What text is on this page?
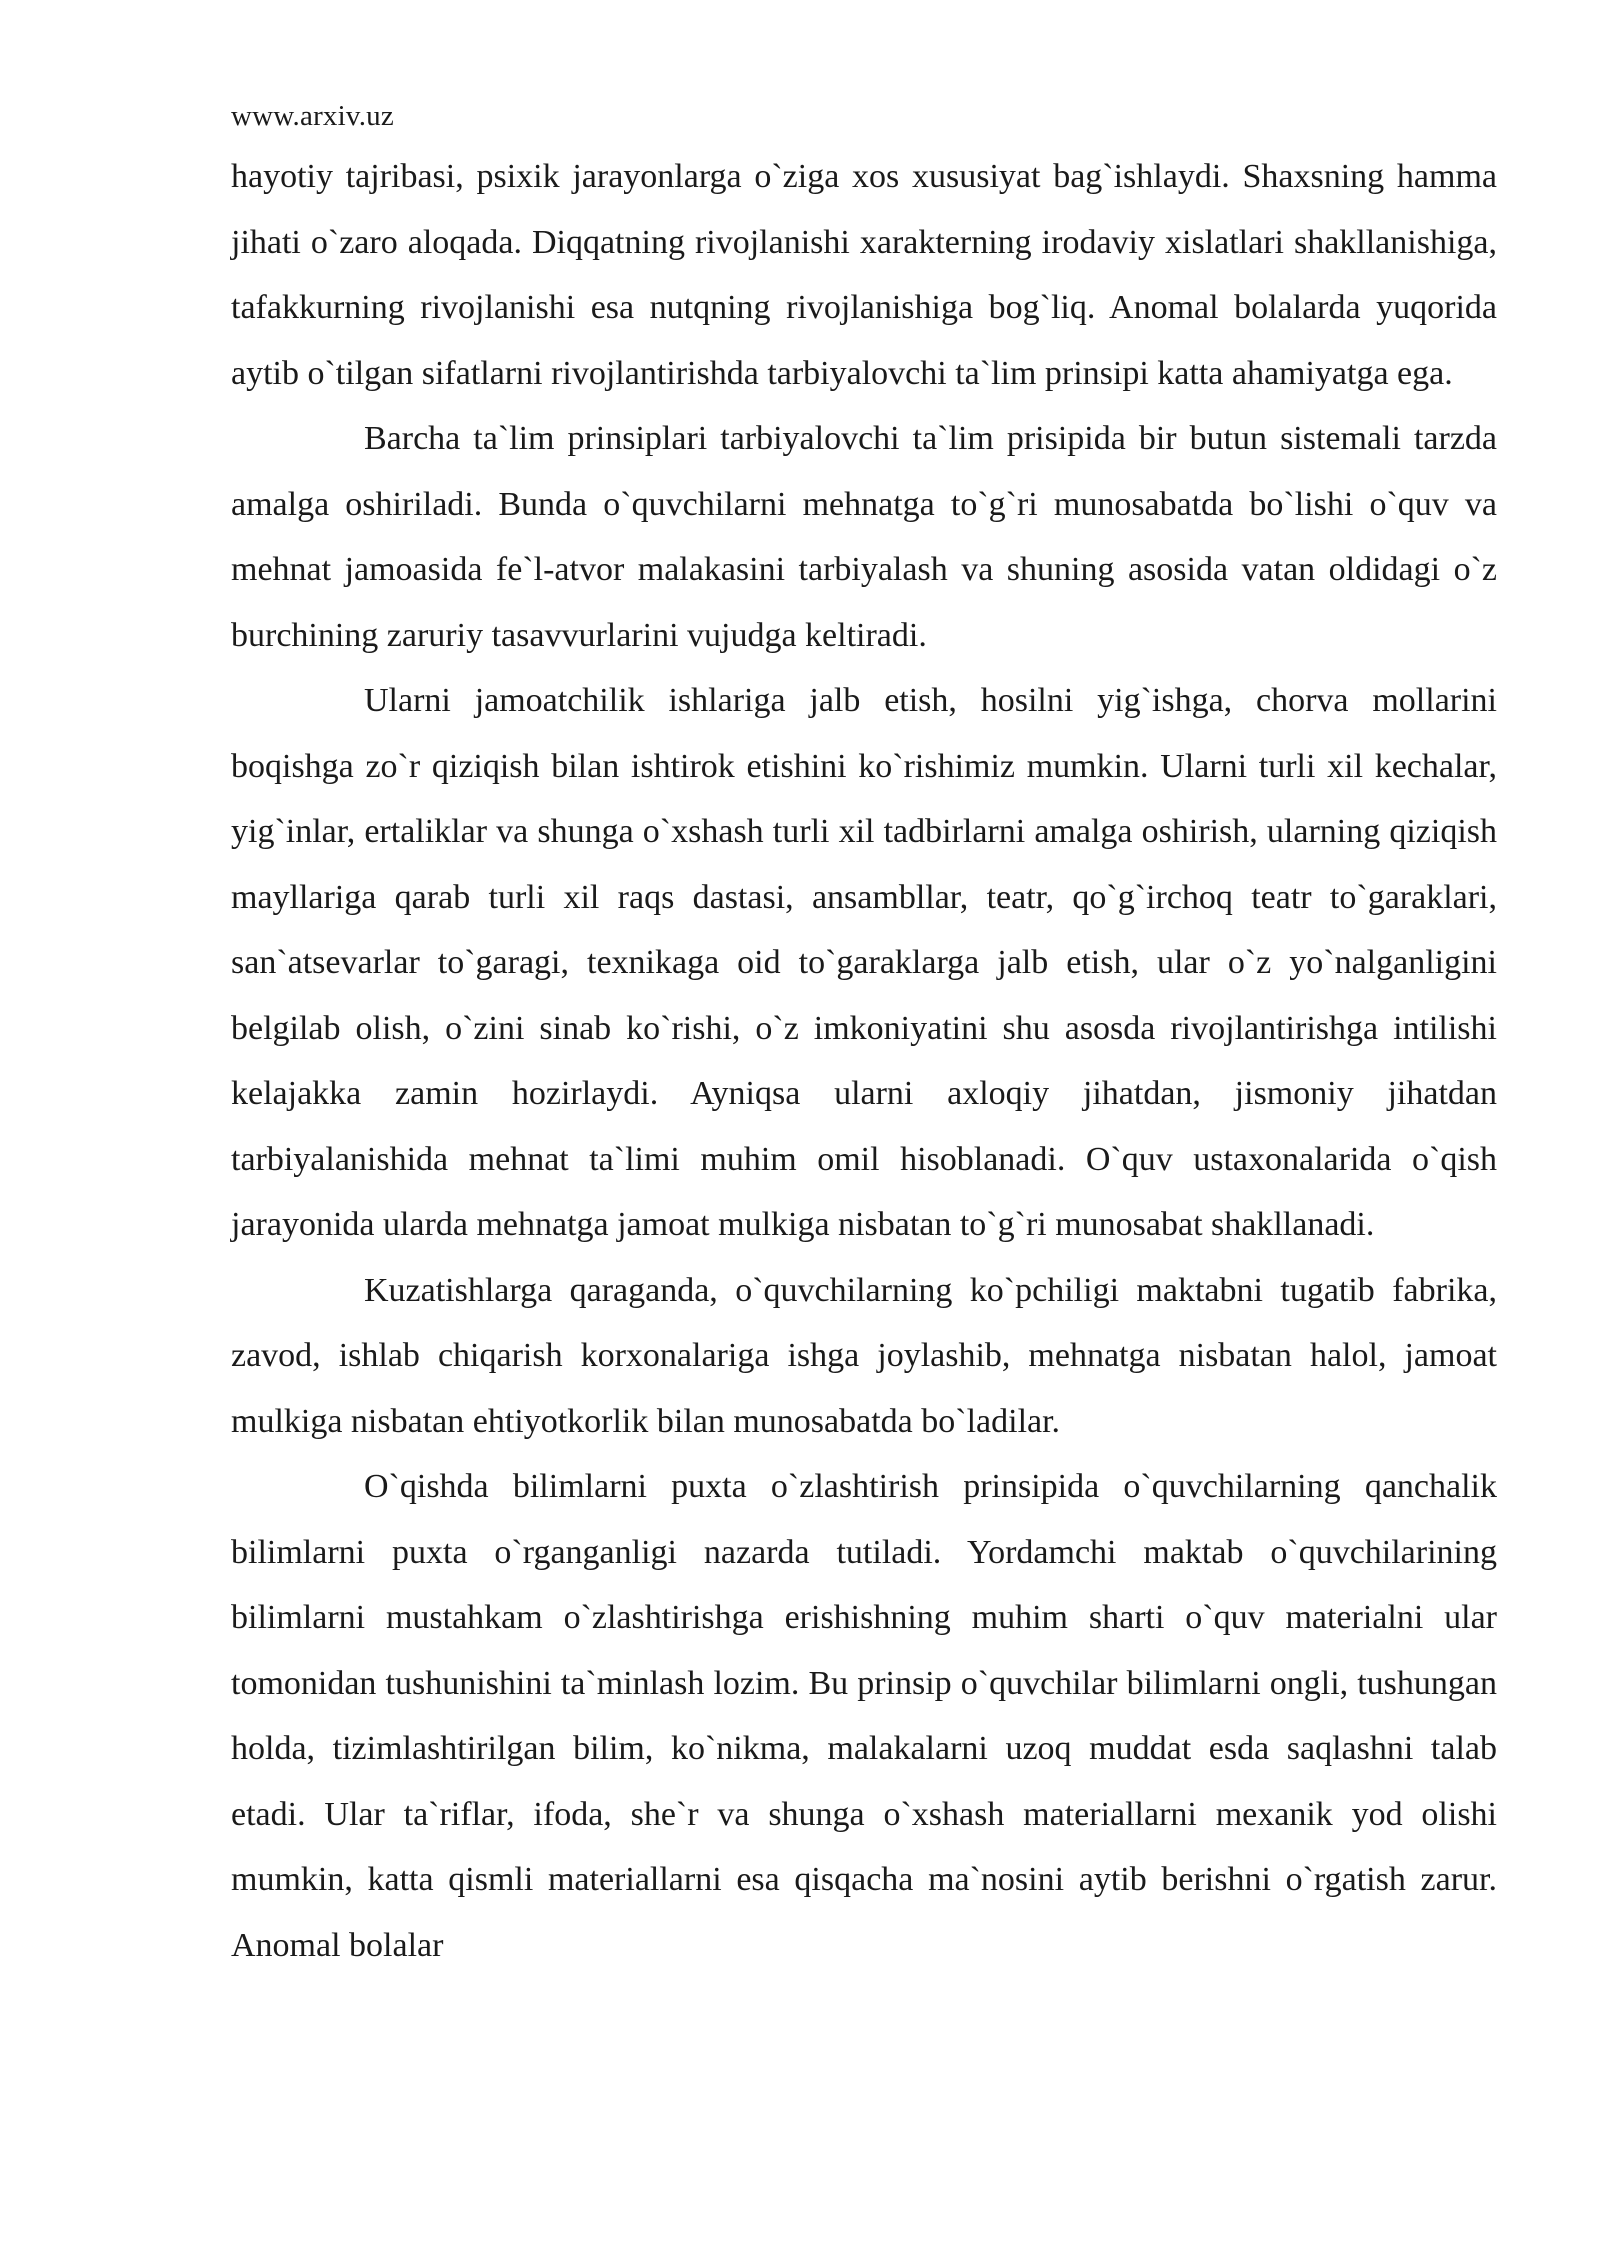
www.arxiv.uz

hayotiy tajribasi, psixik jarayonlarga o`ziga xos xususiyat bag`ishlaydi. Shaxsning hamma jihati o`zaro aloqada. Diqqatning rivojlanishi xarakterning irodaviy xislatlari shakllanishiga, tafakkurning rivojlanishi esa nutqning rivojlanishiga bog`liq. Anomal bolalarda yuqorida aytib o`tilgan sifatlarni rivojlantirishda tarbiyalovchi ta`lim prinsipi katta ahamiyatga ega.

Barcha ta`lim prinsiplari tarbiyalovchi ta`lim prisipida bir butun sistemali tarzda amalga oshiriladi. Bunda o`quvchilarni mehnatga to`g`ri munosabatda bo`lishi o`quv va mehnat jamoasida fe`l-atvor malakasini tarbiyalash va shuning asosida vatan oldidagi o`z burchining zaruriy tasavvurlarini vujudga keltiradi.

Ularni jamoatchilik ishlariga jalb etish, hosilni yig`ishga, chorva mollarini boqishga zo`r qiziqish bilan ishtirok etishini ko`rishimiz mumkin. Ularni turli xil kechalar, yig`inlar, ertaliklar va shunga o`xshash turli xil tadbirlarni amalga oshirish, ularning qiziqish mayllariga qarab turli xil raqs dastasi, ansambllar, teatr, qo`g`irchoq teatr to`garaklari, san`atsevarlar to`garagi, texnikaga oid to`garaklarga jalb etish, ular o`z yo`nalganligini belgilab olish, o`zini sinab ko`rishi, o`z imkoniyatini shu asosda rivojlantirishga intilishi kelajakka zamin hozirlaydi. Ayniqsa ularni axloqiy jihatdan, jismoniy jihatdan tarbiyalanishida mehnat ta`limi muhim omil hisoblanadi. O`quv ustaxonalarida o`qish jarayonida ularda mehnatga jamoat mulkiga nisbatan to`g`ri munosabat shakllanadi.

Kuzatishlarga qaraganda, o`quvchilarning ko`pchiligi maktabni tugatib fabrika, zavod, ishlab chiqarish korxonalariga ishga joylashib, mehnatga nisbatan halol, jamoat mulkiga nisbatan ehtiyotkorlik bilan munosabatda bo`ladilar.

O`qishda bilimlarni puxta o`zlashtirish prinsipida o`quvchilarning qanchalik bilimlarni puxta o`rganganligi nazarda tutiladi. Yordamchi maktab o`quvchilarining bilimlarni mustahkam o`zlashtirishga erishishning muhim sharti o`quv materialni ular tomonidan tushunishini ta`minlash lozim. Bu prinsip o`quvchilar bilimlarni ongli, tushungan holda, tizimlashtirilgan bilim, ko`nikma, malakalarni uzoq muddat esda saqlashni talab etadi. Ular ta`riflar, ifoda, she`r va shunga o`xshash materiallarni mexanik yod olishi mumkin, katta qismli materiallarni esa qisqacha ma`nosini aytib berishni o`rgatish zarur. Anomal bolalar
